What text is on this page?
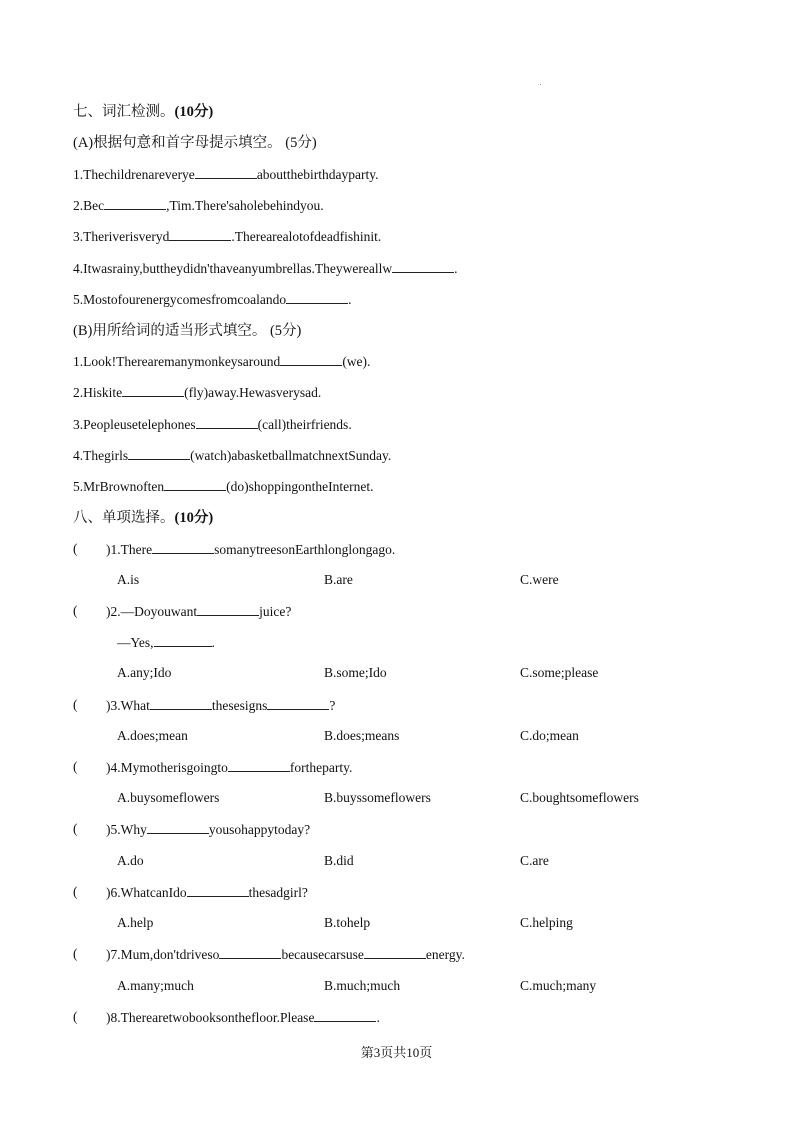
七、词汇检测。(10分)
(A)根据句意和首字母提示填空。 (5分)
1.Thechildrenareverye	aboutthebirthdayparty.
2.Bec	,Tim.There'saholebehindyou.
3.Theriverisveryd	.Therearealotofdeadfishinit.
4.Itwasrainy,buttheydidn'thaveanyumbrellas.Theywereallw	.
5.Mostofourenergycomesfromcoalando	.
(B)用所给词的适当形式填空。 (5分)
1.Look!Therearemanymonkeysaround	(we).
2.Hiskite	(fly)away.Hewasverysad.
3.Peopleusetelephones	(call)theirfriends.
4.Thegirls	(watch)abasketballmatchnextSunday.
5.MrBrownoften	(do)shoppingontheInternet.
八、单项选择。(10分)
( )1.There	somanytreesonEarthlonglongago.
A.is	B.are	C.were
( )2.—Doyouwant	juice?
—Yes,	.
A.any;Ido	B.some;Ido	C.some;please
( )3.What	thesesigns	?
A.does;mean	B.does;means	C.do;mean
( )4.Mymotherisgoingto	fortheparty.
A.buysomeflowers	B.buyssomeflowers	C.boughtsomeflowers
( )5.Why	yousohappytoday?
A.do	B.did	C.are
( )6.WhatcanIdo	thesadgirl?
A.help	B.tohelp	C.helping
( )7.Mum,don'tdriveso	becausecarsuse	energy.
A.many;much	B.much;much	C.much;many
( )8.Therearetwobooksonthefloor.Please	.
第3页共10页
